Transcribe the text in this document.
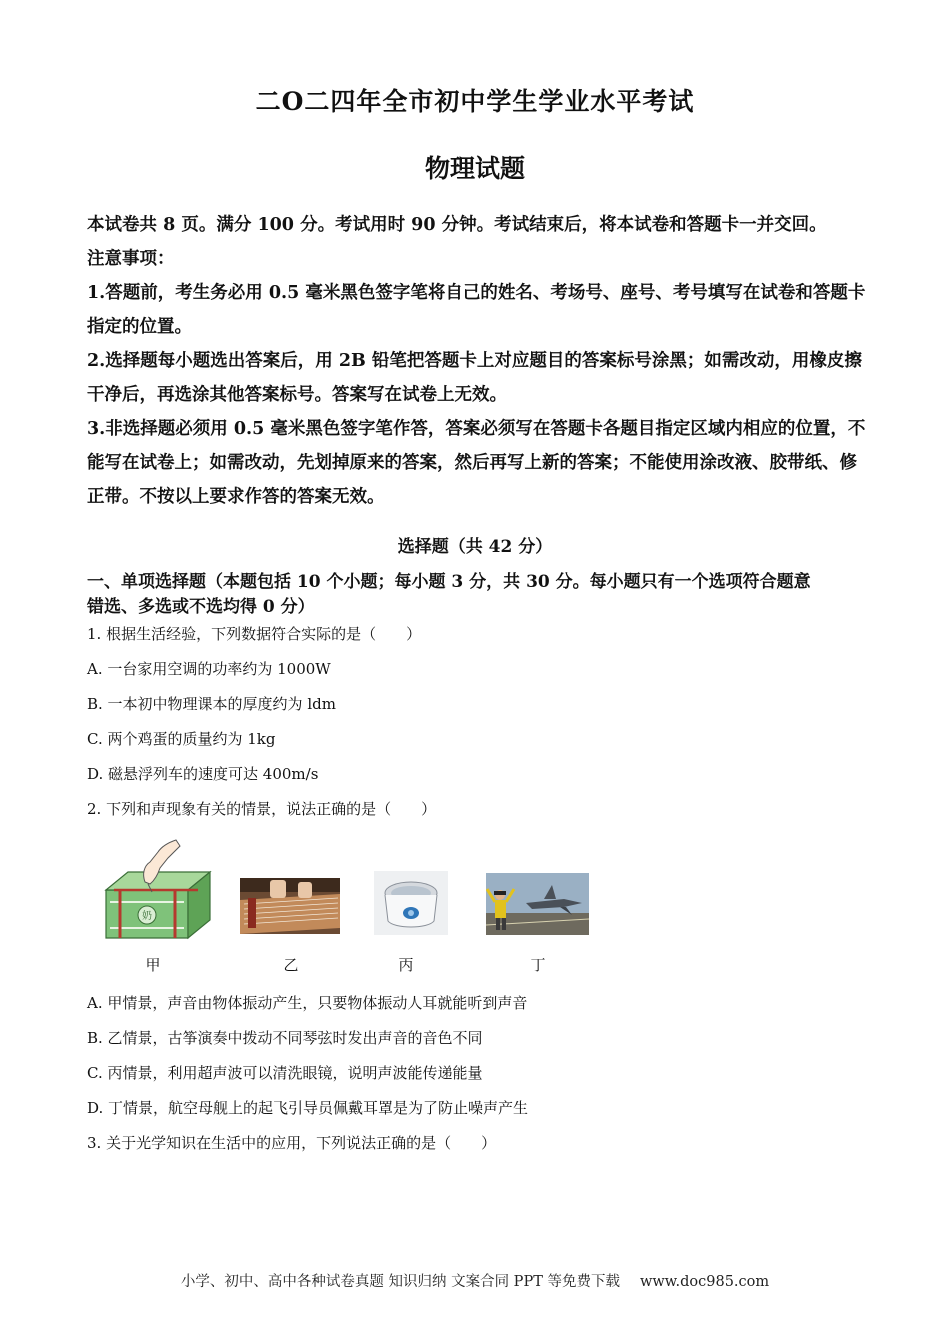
二O二四年全市初中学生学业水平考试
物理试题

本试卷共 8 页。满分 100 分。考试用时 90 分钟。考试结束后，将本试卷和答题卡一并交回。

注意事项：

1.答题前，考生务必用 0.5 毫米黑色签字笔将自己的姓名、考场号、座号、考号填写在试卷和答题卡指定的位置。

2.选择题每小题选出答案后，用 2B 铅笔把答题卡上对应题目的答案标号涂黑；如需改动，用橡皮擦干净后，再选涂其他答案标号。答案写在试卷上无效。

3.非选择题必须用 0.5 毫米黑色签字笔作答，答案必须写在答题卡各题目指定区域内相应的位置，不能写在试卷上；如需改动，先划掉原来的答案，然后再写上新的答案；不能使用涂改液、胶带纸、修正带。不按以上要求作答的答案无效。

选择题（共 42 分）
一、单项选择题（本题包括 10 个小题；每小题 3 分，共 30 分。每小题只有一个选项符合题意
错选、多选或不选均得 0 分）
1. 根据生活经验，下列数据符合实际的是（　　）
A. 一台家用空调的功率约为 1000W
B. 一本初中物理课本的厚度约为 ldm
C. 两个鸡蛋的质量约为 1kg
D. 磁悬浮列车的速度可达 400m/s
2. 下列和声现象有关的情景，说法正确的是（　　）
奶
甲	乙	丙	丁
A. 甲情景，声音由物体振动产生，只要物体振动人耳就能听到声音
B. 乙情景，古筝演奏中拨动不同琴弦时发出声音的音色不同
C. 丙情景，利用超声波可以清洗眼镜，说明声波能传递能量
D. 丁情景，航空母舰上的起飞引导员佩戴耳罩是为了防止噪声产生
3. 关于光学知识在生活中的应用，下列说法正确的是（　　）
小学、初中、高中各种试卷真题 知识归纳 文案合同 PPT 等免费下载 www.doc985.com
